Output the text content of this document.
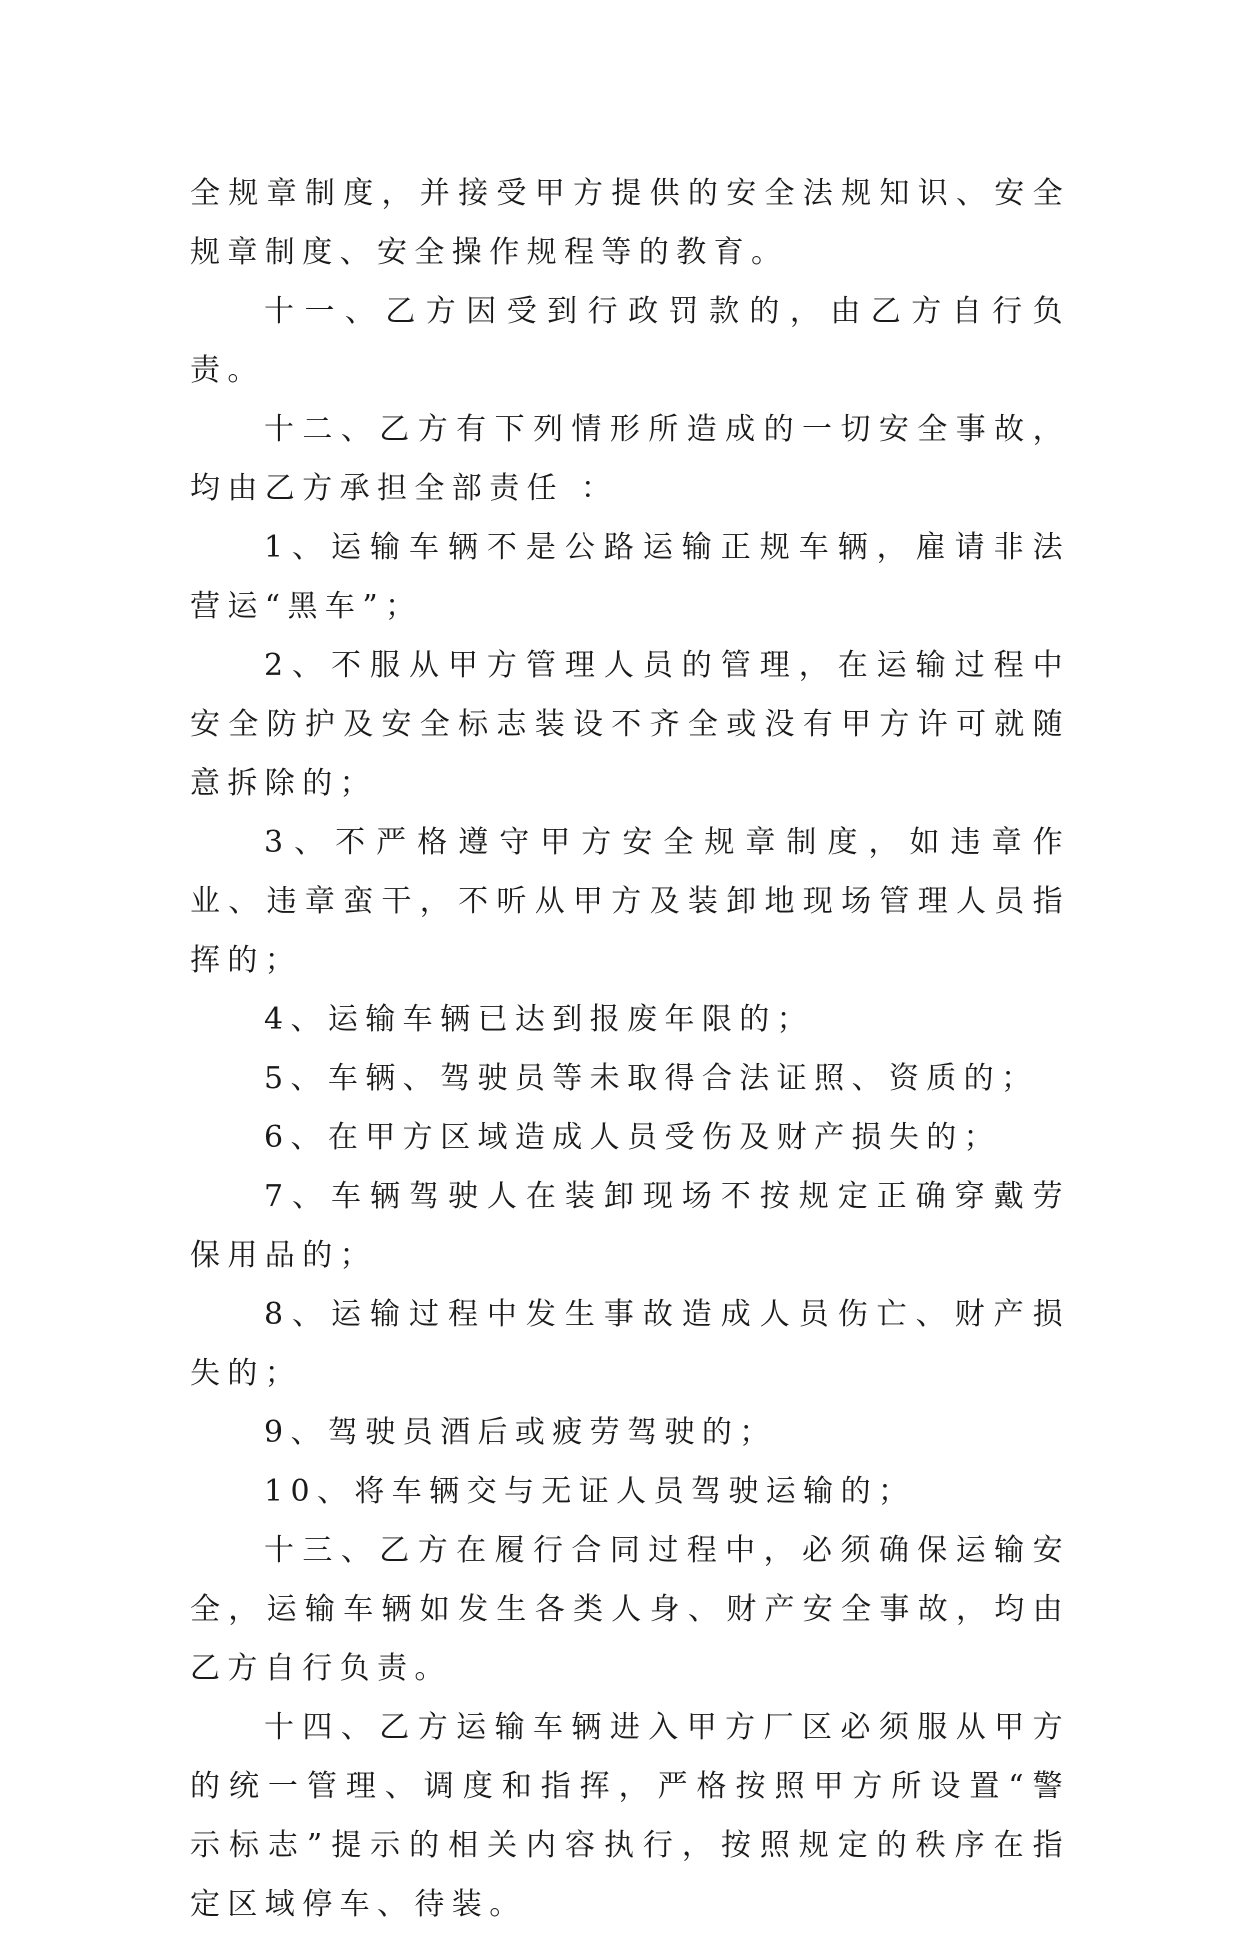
全规章制度，并接受甲方提供的安全法规知识、安全规章制度、安全操作规程等的教育。

十一、乙方因受到行政罚款的，由乙方自行负责。

十二、乙方有下列情形所造成的一切安全事故，均由乙方承担全部责任 ：

1、运输车辆不是公路运输正规车辆，雇请非法营运“黑车”；

2、不服从甲方管理人员的管理，在运输过程中安全防护及安全标志装设不齐全或没有甲方许可就随意拆除的；

3、不严格遵守甲方安全规章制度，如违章作业、违章蛮干，不听从甲方及装卸地现场管理人员指挥的；

4、运输车辆已达到报废年限的；

5、车辆、驾驶员等未取得合法证照、资质的；

6、在甲方区域造成人员受伤及财产损失的；

7、车辆驾驶人在装卸现场不按规定正确穿戴劳保用品的；

8、运输过程中发生事故造成人员伤亡、财产损失的；

9、驾驶员酒后或疲劳驾驶的；

10、将车辆交与无证人员驾驶运输的；

十三、乙方在履行合同过程中，必须确保运输安全，运输车辆如发生各类人身、财产安全事故，均由乙方自行负责。

十四、乙方运输车辆进入甲方厂区必须服从甲方的统一管理、调度和指挥，严格按照甲方所设置“警示标志”提示的相关内容执行，按照规定的秩序在指定区域停车、待装。
